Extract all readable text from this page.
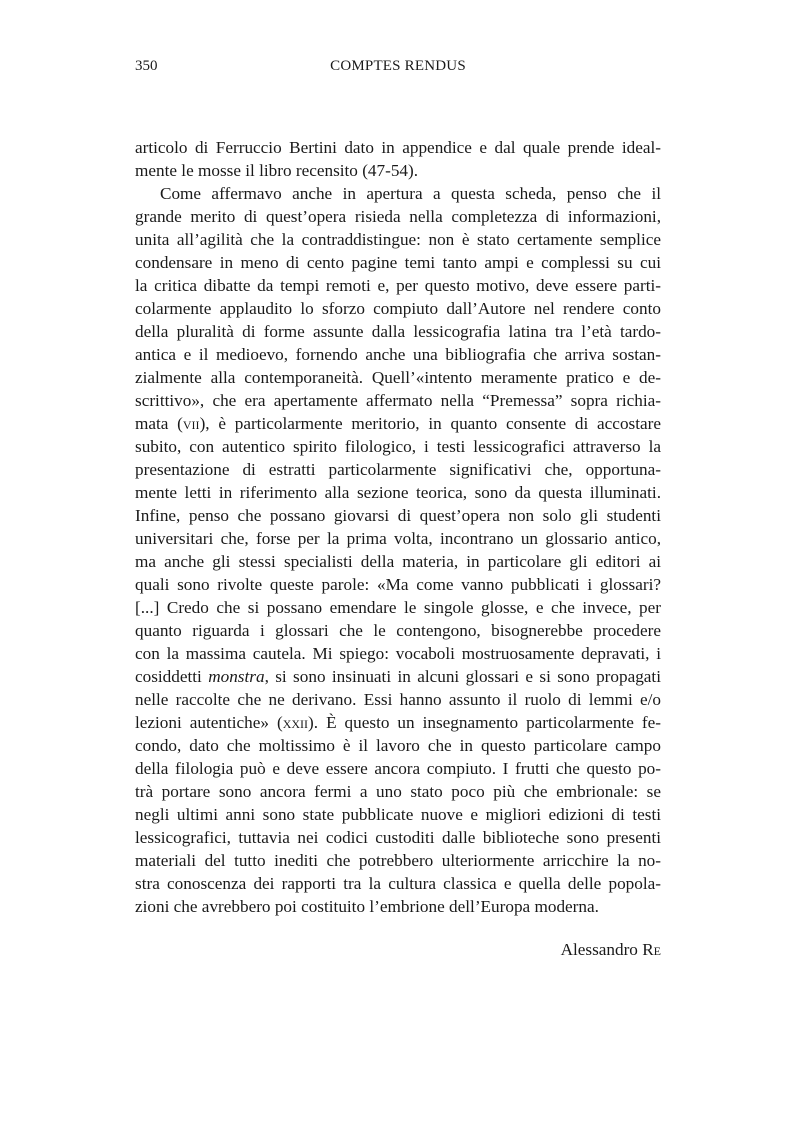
350	COMPTES RENDUS
articolo di Ferruccio Bertini dato in appendice e dal quale prende ideal-
mente le mosse il libro recensito (47-54).
Come affermavo anche in apertura a questa scheda, penso che il
grande merito di quest’opera risieda nella completezza di informazioni,
unita all’agilità che la contraddistingue: non è stato certamente semplice
condensare in meno di cento pagine temi tanto ampi e complessi su cui
la critica dibatte da tempi remoti e, per questo motivo, deve essere parti-
colarmente applaudito lo sforzo compiuto dall’Autore nel rendere conto
della pluralità di forme assunte dalla lessicografia latina tra l’età tardo-
antica e il medioevo, fornendo anche una bibliografia che arriva sostan-
zialmente alla contemporaneità. Quell’«intento meramente pratico e de-
scrittivo», che era apertamente affermato nella “Premessa” sopra richia-
mata (vii), è particolarmente meritorio, in quanto consente di accostare
subito, con autentico spirito filologico, i testi lessicografici attraverso la
presentazione di estratti particolarmente significativi che, opportuna-
mente letti in riferimento alla sezione teorica, sono da questa illuminati.
Infine, penso che possano giovarsi di quest’opera non solo gli studenti
universitari che, forse per la prima volta, incontrano un glossario antico,
ma anche gli stessi specialisti della materia, in particolare gli editori ai
quali sono rivolte queste parole: «Ma come vanno pubblicati i glossari?
[...] Credo che si possano emendare le singole glosse, e che invece, per
quanto riguarda i glossari che le contengono, bisognerebbe procedere
con la massima cautela. Mi spiego: vocaboli mostruosamente depravati, i
cosiddetti monstra, si sono insinuati in alcuni glossari e si sono propagati
nelle raccolte che ne derivano. Essi hanno assunto il ruolo di lemmi e/o
lezioni autentiche» (xxii). È questo un insegnamento particolarmente fe-
condo, dato che moltissimo è il lavoro che in questo particolare campo
della filologia può e deve essere ancora compiuto. I frutti che questo po-
trà portare sono ancora fermi a uno stato poco più che embrionale: se
negli ultimi anni sono state pubblicate nuove e migliori edizioni di testi
lessicografici, tuttavia nei codici custoditi dalle biblioteche sono presenti
materiali del tutto inediti che potrebbero ulteriormente arricchire la no-
stra conoscenza dei rapporti tra la cultura classica e quella delle popola-
zioni che avrebbero poi costituito l’embrione dell’Europa moderna.
Alessandro Re
